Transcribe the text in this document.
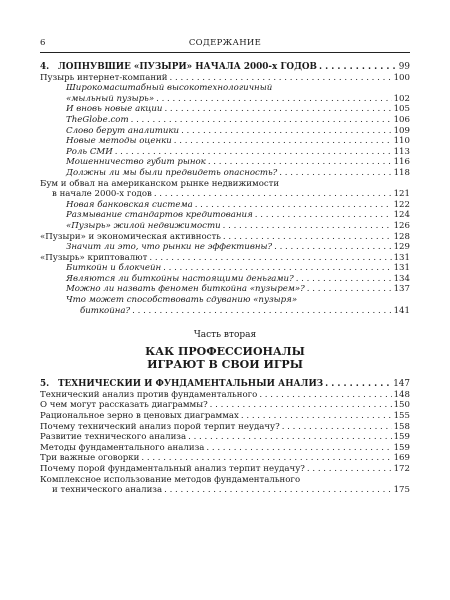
6	СОДЕРЖАНИЕ
4.	ЛОПНУВШИЕ «ПУЗЫРИ» НАЧАЛА 2000-х ГОДОВ . . .	99
Пузырь интернет-компаний . . .	100
Широкомасштабный высокотехнологичный
«мыльный пузырь» . . .	102
И вновь новые акции . . .	105
TheGlobe.com . . .	106
Слово берут аналитики . . .	109
Новые методы оценки . . .	110
Роль СМИ . . .	113
Мошенничество губит рынок . . .	116
Должны ли мы были предвидеть опасность? . . .	118
Бум и обвал на американском рынке недвижимости
в начале 2000-х годов . . .	121
Новая банковская система . . .	122
Размывание стандартов кредитования . . .	124
«Пузырь» жилой недвижимости . . .	126
«Пузыри» и экономическая активность . . .	128
Значит ли это, что рынки не эффективны? . . .	129
«Пузырь» криптовалют . . .	131
Биткойн и блокчейн . . .	131
Являются ли биткойны настоящими деньгами? . . .	134
Можно ли назвать феномен биткойна «пузырем»? . . .	137
Что может способствовать сдуванию «пузыря»
биткойна? . . .	141
Часть вторая
КАК ПРОФЕССИОНАЛЫ
ИГРАЮТ В СВОИ ИГРЫ
5.	ТЕХНИЧЕСКИЙ И ФУНДАМЕНТАЛЬНЫЙ АНАЛИЗ . . .	147
Технический анализ против фундаментального . . .	148
О чем могут рассказать диаграммы? . . .	150
Рациональное зерно в ценовых диаграммах . . .	155
Почему технический анализ порой терпит неудачу? . . .	158
Развитие технического анализа . . .	159
Методы фундаментального анализа . . .	159
Три важные оговорки . . .	169
Почему порой фундаментальный анализ терпит неудачу? . . .	172
Комплексное использование методов фундаментального
и технического анализа . . .	175
